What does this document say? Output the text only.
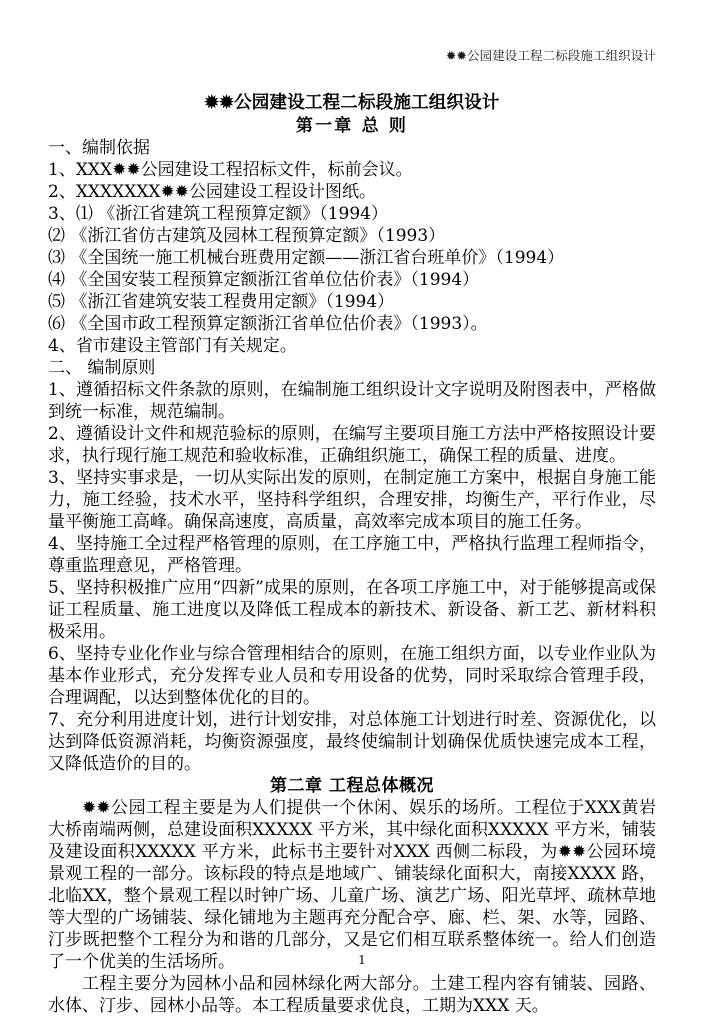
✹✹公园建设工程二标段施工组织设计
✹✹公园建设工程二标段施工组织设计
第一章 总 则
一、编制依据
1、XXX✹✹公园建设工程招标文件，标前会议。
2、XXXXXXX✹✹公园建设工程设计图纸。
3、⑴ 《浙江省建筑工程预算定额》（1994）
⑵ 《浙江省仿古建筑及园林工程预算定额》（1993）
⑶ 《全国统一施工机械台班费用定额——浙江省台班单价》（1994）
⑷ 《全国安装工程预算定额浙江省单位估价表》（1994）
⑸ 《浙江省建筑安装工程费用定额》（1994）
⑹ 《全国市政工程预算定额浙江省单位估价表》（1993）。
4、省市建设主管部门有关规定。
二、 编制原则

1、遵循招标文件条款的原则，在编制施工组织设计文字说明及附图表中，严格做到统一标准，规范编制。

2、遵循设计文件和规范验标的原则，在编写主要项目施工方法中严格按照设计要求，执行现行施工规范和验收标准，正确组织施工，确保工程的质量、进度。

3、坚持实事求是，一切从实际出发的原则，在制定施工方案中，根据自身施工能力，施工经验，技术水平，坚持科学组织，合理安排，均衡生产，平行作业，尽量平衡施工高峰。确保高速度，高质量，高效率完成本项目的施工任务。

4、坚持施工全过程严格管理的原则，在工序施工中，严格执行监理工程师指令，尊重监理意见，严格管理。

5、坚持积极推广应用“四新”成果的原则，在各项工序施工中，对于能够提高或保证工程质量、施工进度以及降低工程成本的新技术、新设备、新工艺、新材料积极采用。

6、坚持专业化作业与综合管理相结合的原则，在施工组织方面，以专业作业队为基本作业形式，充分发挥专业人员和专用设备的优势，同时采取综合管理手段，合理调配，以达到整体优化的目的。

7、充分利用进度计划，进行计划安排，对总体施工计划进行时差、资源优化，以达到降低资源消耗，均衡资源强度，最终使编制计划确保优质快速完成本工程，又降低造价的目的。

第二章 工程总体概况

✹✹公园工程主要是为人们提供一个休闲、娱乐的场所。工程位于XXX黄岩大桥南端两侧，总建设面积XXXXX 平方米，其中绿化面积XXXXX 平方米，铺装及建设面积XXXXX 平方米，此标书主要针对XXX 西侧二标段，为✹✹公园环境景观工程的一部分。该标段的特点是地域广、铺装绿化面积大，南接XXXX 路，北临XX，整个景观工程以时钟广场、儿童广场、演艺广场、阳光草坪、疏林草地等大型的广场铺装、绿化铺地为主题再充分配合亭、廊、栏、架、水等，园路、汀步既把整个工程分为和谐的几部分，又是它们相互联系整体统一。给人们创造了一个优美的生活场所。

工程主要分为园林小品和园林绿化两大部分。土建工程内容有铺装、园路、水体、汀步、园林小品等。本工程质量要求优良，工期为XXX 天。

1
